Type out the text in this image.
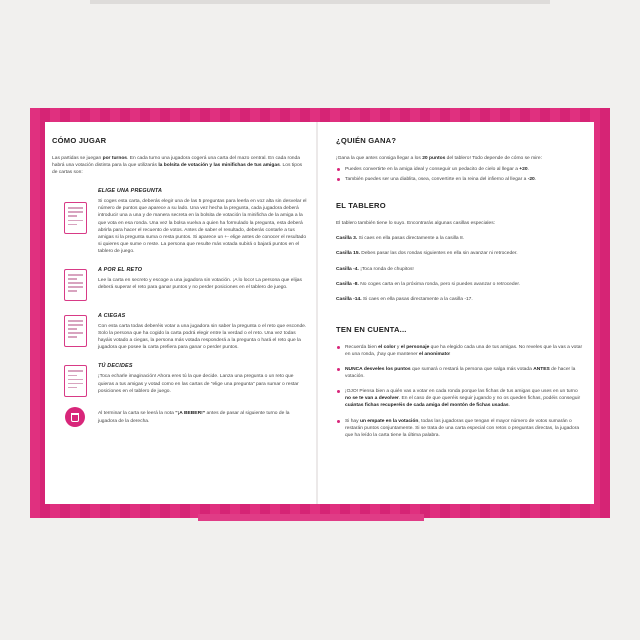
CÓMO JUGAR

Las partidas se juegan por turnos. En cada turno una jugadora cogerá una carta del mazo central. En cada ronda habrá una votación distinta para la que utilizarás la bolsita de votación y las minifichas de tus amigas. Los tipos de cartas son:

ELIGE UNA PREGUNTA

Si coges esta carta, deberás elegir una de las 5 preguntas para leerla en voz alta sin desvelar el número de puntos que aparece a su lado. Una vez hecha la pregunta, cada jugadora deberá introducir una a una y de manera secreta en la bolsita de votación la minificha de la amiga a la que vota en esa ronda. Una vez la bolsa vuelva a quien ha formulado la pregunta, esta deberá abrirla para hacer el recuento de votos. Antes de saber el resultado, deberás contarle a tus amigas si la pregunta suma o resta puntos. Si aparece un +- elige antes de conocer el resultado si quieres que sume o reste. La persona que resulte más votada subirá o bajará puntos en el tablero de juego.

A POR EL RETO

Lee la carta en secreto y escoge a una jugadora sin votación. ¡A lo loco! La persona que elijas deberá superar el reto para ganar puntos y no perder posiciones en el tablero de juego.

A CIEGAS

Con esta carta todas deberéis votar a una jugadora sin saber la pregunta o el reto que esconde. Solo la persona que ha cogido la carta podrá elegir entre la verdad o el reto. Una vez todas hayáis votado a ciegas, la persona más votada responderá a la pregunta o hará el reto que la jugadora que posee la carta prefiera para ganar o perder puntos.

TÚ DECIDES

¡Toca echarle imaginación! Ahora eres tú la que decide. Lanza una pregunta o un reto que quieras a tus amigas y votad como en las cartas de “elige una pregunta” para sumar o restar posiciones en el tablero de juego.

Al terminar la carta se leerá la nota “¡A BEBER!” antes de pasar al siguiente turno de la jugadora de la derecha.

¿QUIÉN GANA?

¡Gana la que antes consiga llegar a los 20 puntos del tablero! Todo depende de cómo se mire:

Puedes convertirte en la amiga ideal y conseguir un pedacito de cielo al llegar a +20.
También puedes ser una diablita, osea, convertirte en la reina del infierno al llegar a -20.
EL TABLERO

El tablero también tiene lo suyo. Encontrarás algunas casillas especiales:

Casilla 3. Si caes en ella pasas directamente a la casilla 8.

Casilla 15. Debes pasar las dos rondas siguientes en ella sin avanzar ni retroceder.

Casilla -4. ¡Toca ronda de chupitos!

Casilla -8. No coges carta en la próxima ronda, pero si puedes avanzar o retroceder.

Casilla -14. Si caes en ella pasas directamente a la casilla -17.

TEN EN CUENTA...
Recuerda bien el color y el personaje que ha elegido cada una de tus amigas. No reveles que la vas a votar en una ronda, ¡hay que mantener el anonimato!
NUNCA desveles los puntos que sumará o restará la persona que salga más votada ANTES de hacer la votación.
¡OJO! Piensa bien a quién vas a votar en cada ronda porque las fichas de tus amigas que uses en un turno no se te van a devolver. En el caso de que queréis seguir jugando y no os queden fichas, podéis conseguir cuántas fichas recuperéis de cada amiga del montón de fichas usadas.
Si hay un empate en la votación, todas las jugadoras que tengan el mayor número de votos sumarán o restarán puntos conjuntamente. Si se trata de una carta especial con retos o preguntas directas, la jugadora que ha leído la carta tiene la última palabra.
